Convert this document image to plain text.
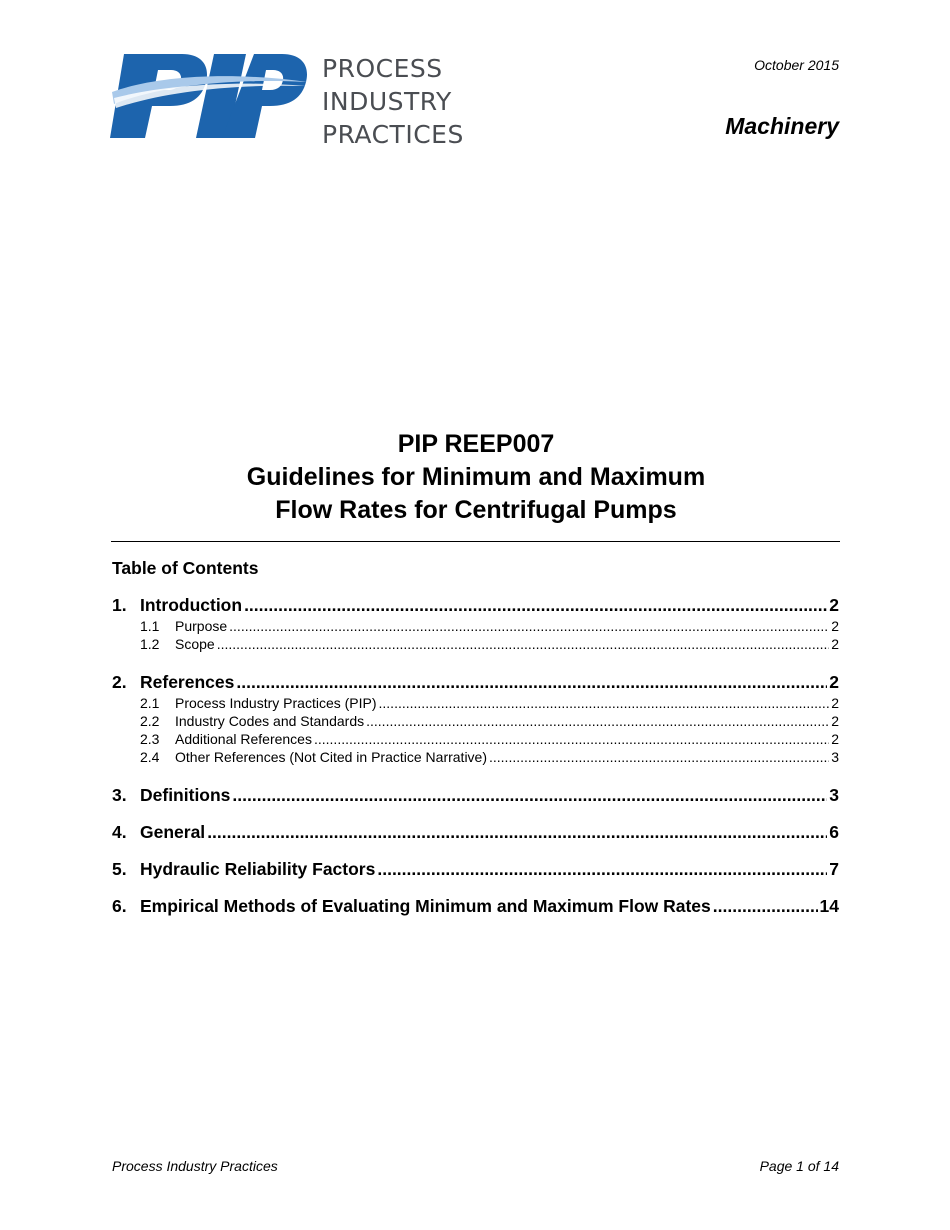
PROCESS
INDUSTRY
PRACTICES
October 2015
Machinery
PIP REEP007
Guidelines for Minimum and Maximum
Flow Rates for Centrifugal Pumps
Table of Contents
1. Introduction .....	2
1.1	Purpose .....	2
1.2	Scope .....	2
2. References .....	2
2.1	Process Industry Practices (PIP) .....	2
2.2	Industry Codes and Standards .....	2
2.3	Additional References .....	2
2.4	Other References (Not Cited in Practice Narrative) .....	3
3. Definitions .....	3
4. General .....	6
5. Hydraulic Reliability Factors .....	7
6. Empirical Methods of Evaluating Minimum and Maximum Flow Rates .....	14
Process Industry Practices	Page 1 of 14
